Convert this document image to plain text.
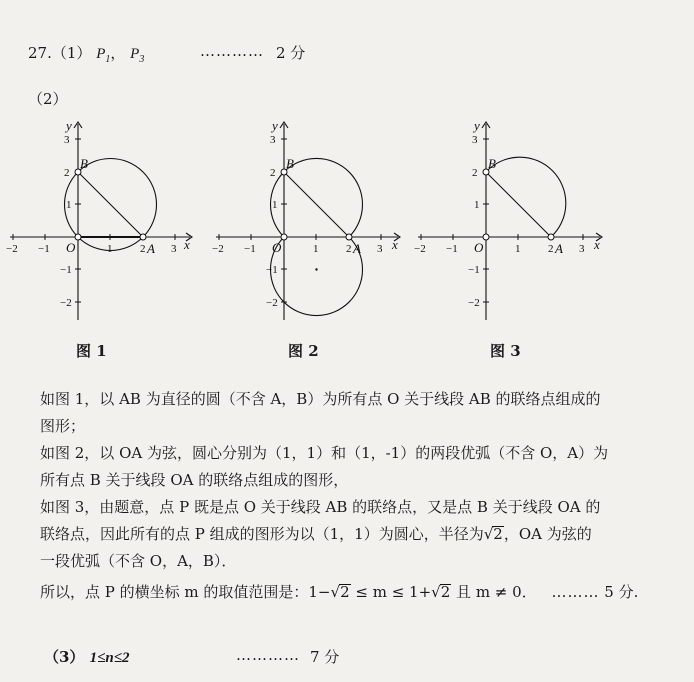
27.（1） $P_1$， $P_3$	………… 2 分
（2）
−2 −1	1	3
3
1
−1
−2
2
2
O
B
A x
y
−2 −1	1	3
3
1
−1
−2
2
2
O
B
A x
y
−2 −1	1	3
3
1
−1
−2
2
2
O
B
A x
y
图 1	图 2	图 3
如图 1，以 AB 为直径的圆（不含 A，B）为所有点 O 关于线段 AB 的联络点组成的
图形；
如图 2，以 OA 为弦，圆心分别为（1，1）和（1，-1）的两段优弧（不含 O，A）为
所有点 B 关于线段 OA 的联络点组成的图形，
如图 3，由题意，点 P 既是点 O 关于线段 AB 的联络点，又是点 B 关于线段 OA 的
联络点，因此所有的点 P 组成的图形为以（1，1）为圆心，半径为√2，OA 为弦的
一段优弧（不含 O，A，B）．
所以，点 P 的横坐标 m 的取值范围是：1−√2 ≤ m ≤ 1+√2 且 m ≠ 0． ……… 5 分.
（3） 1≤n≤2	………… 7 分
